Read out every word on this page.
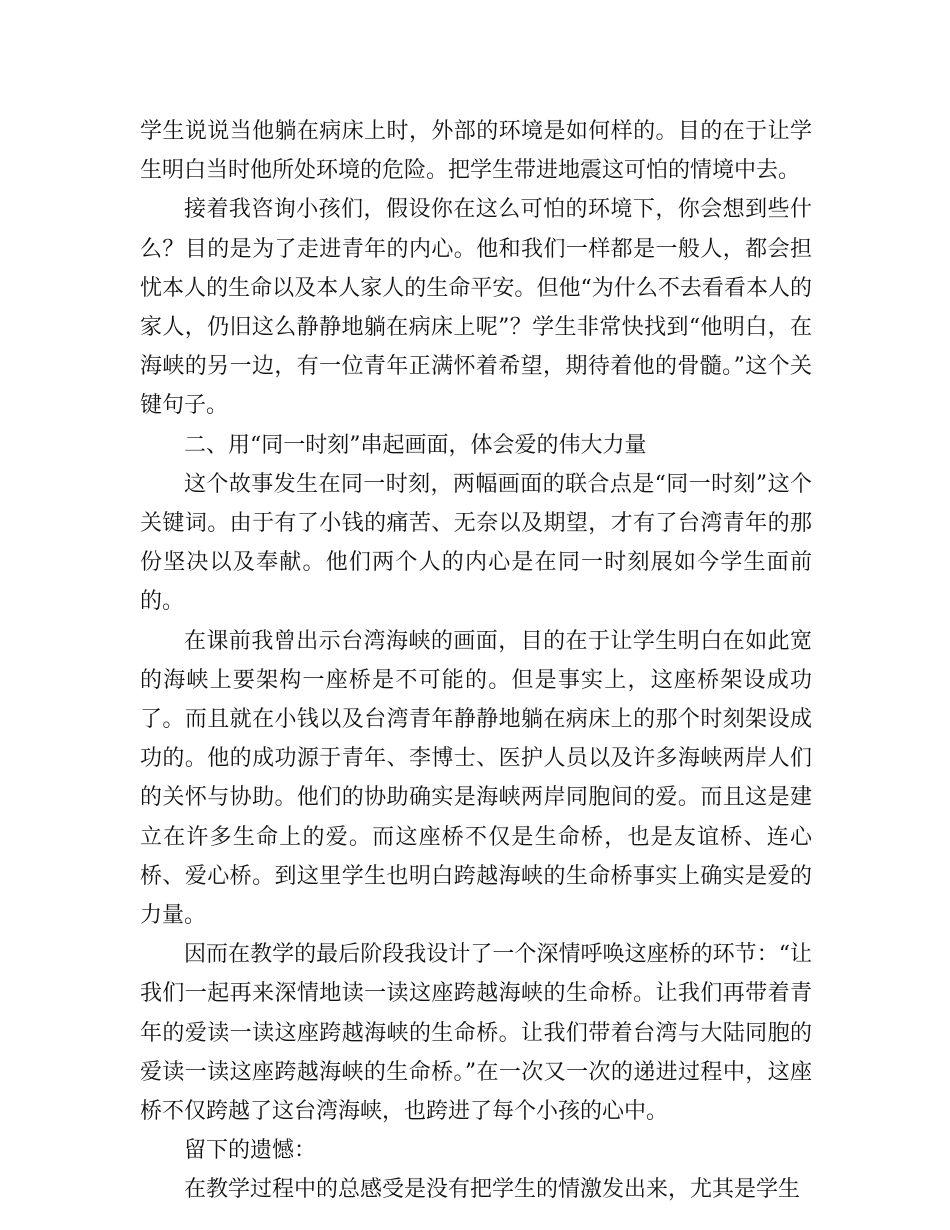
学生说说当他躺在病床上时，外部的环境是如何样的。目的在于让学生明白当时他所处环境的危险。把学生带进地震这可怕的情境中去。

接着我咨询小孩们，假设你在这么可怕的环境下，你会想到些什么？目的是为了走进青年的内心。他和我们一样都是一般人，都会担忧本人的生命以及本人家人的生命平安。但他“为什么不去看看本人的家人，仍旧这么静静地躺在病床上呢”？学生非常快找到“他明白，在海峡的另一边，有一位青年正满怀着希望，期待着他的骨髓。”这个关键句子。

二、用“同一时刻”串起画面，体会爱的伟大力量

这个故事发生在同一时刻，两幅画面的联合点是“同一时刻”这个关键词。由于有了小钱的痛苦、无奈以及期望，才有了台湾青年的那份坚决以及奉献。他们两个人的内心是在同一时刻展如今学生面前的。

在课前我曾出示台湾海峡的画面，目的在于让学生明白在如此宽的海峡上要架构一座桥是不可能的。但是事实上，这座桥架设成功了。而且就在小钱以及台湾青年静静地躺在病床上的那个时刻架设成功的。他的成功源于青年、李博士、医护人员以及许多海峡两岸人们的关怀与协助。他们的协助确实是海峡两岸同胞间的爱。而且这是建立在许多生命上的爱。而这座桥不仅是生命桥，也是友谊桥、连心桥、爱心桥。到这里学生也明白跨越海峡的生命桥事实上确实是爱的力量。

因而在教学的最后阶段我设计了一个深情呼唤这座桥的环节：“让我们一起再来深情地读一读这座跨越海峡的生命桥。让我们再带着青年的爱读一读这座跨越海峡的生命桥。让我们带着台湾与大陆同胞的爱读一读这座跨越海峡的生命桥。”在一次又一次的递进过程中，这座桥不仅跨越了这台湾海峡，也跨进了每个小孩的心中。

留下的遗憾：

在教学过程中的总感受是没有把学生的情激发出来，尤其是学生
